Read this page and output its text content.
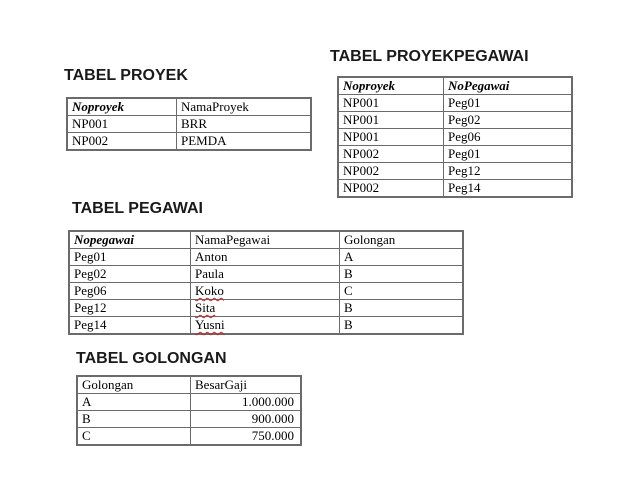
TABEL PROYEKPEGAWAI
Noproyek	NoPegawai
NP001	Peg01
NP001	Peg02
NP001	Peg06
NP002	Peg01
NP002	Peg12
NP002	Peg14
TABEL PROYEK
Noproyek	NamaProyek
NP001	BRR
NP002	PEMDA
TABEL PEGAWAI
Nopegawai	NamaPegawai	Golongan
Peg01	Anton	A
Peg02	Paula	B
Peg06	Koko	C
Peg12	Sita	B
Peg14	Yusni	B
TABEL GOLONGAN
Golongan	BesarGaji
A	1.000.000
B	900.000
C	750.000
